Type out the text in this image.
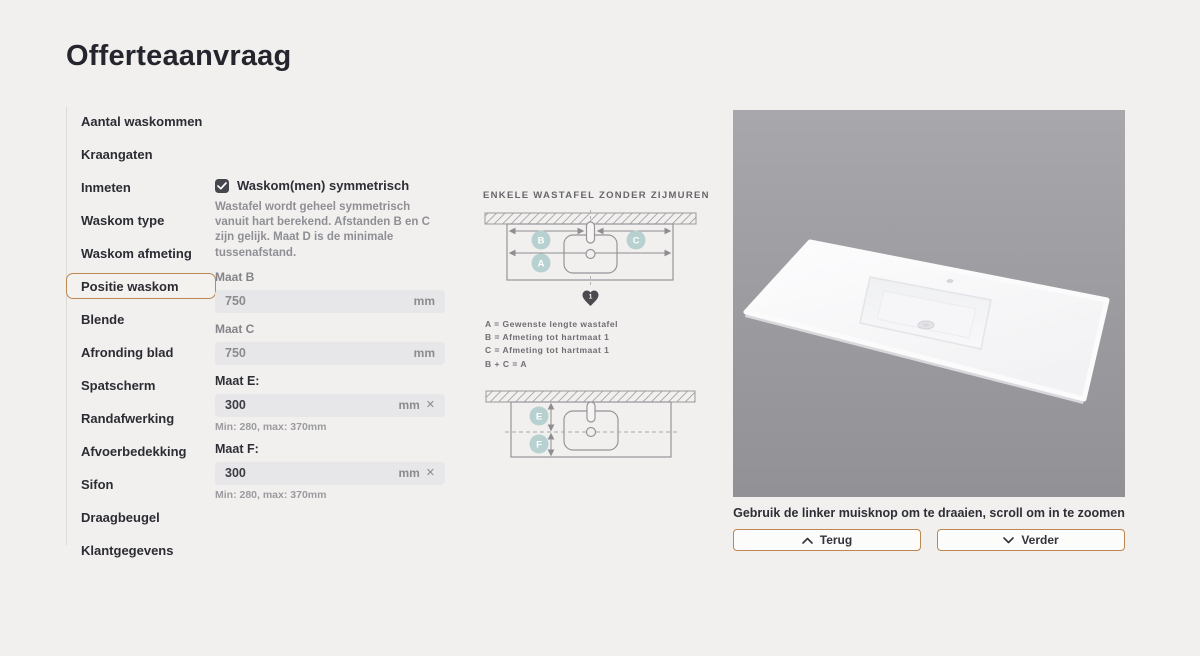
Offerteaanvraag
Aantal waskommen
Kraangaten
Inmeten
Waskom type
Waskom afmeting
Positie waskom
Blende
Afronding blad
Spatscherm
Randafwerking
Afvoerbedekking
Sifon
Draagbeugel
Klantgegevens
Waskom(men) symmetrisch

Wastafel wordt geheel symmetrisch vanuit hart berekend. Afstanden B en C zijn gelijk. Maat D is de minimale tussenafstand.

Maat B
750
mm
Maat C
750
mm
Maat E:
300
mm ✕
Min: 280, max: 370mm
Maat F:
300
mm ✕
Min: 280, max: 370mm
ENKELE WASTAFEL ZONDER ZIJMUREN
B	C
A
1
A = Gewenste lengte wastafel
B = Afmeting tot hartmaat 1
C = Afmeting tot hartmaat 1
B + C = A
E
F
Gebruik de linker muisknop om te draaien, scroll om in te zoomen
Terug	Verder
